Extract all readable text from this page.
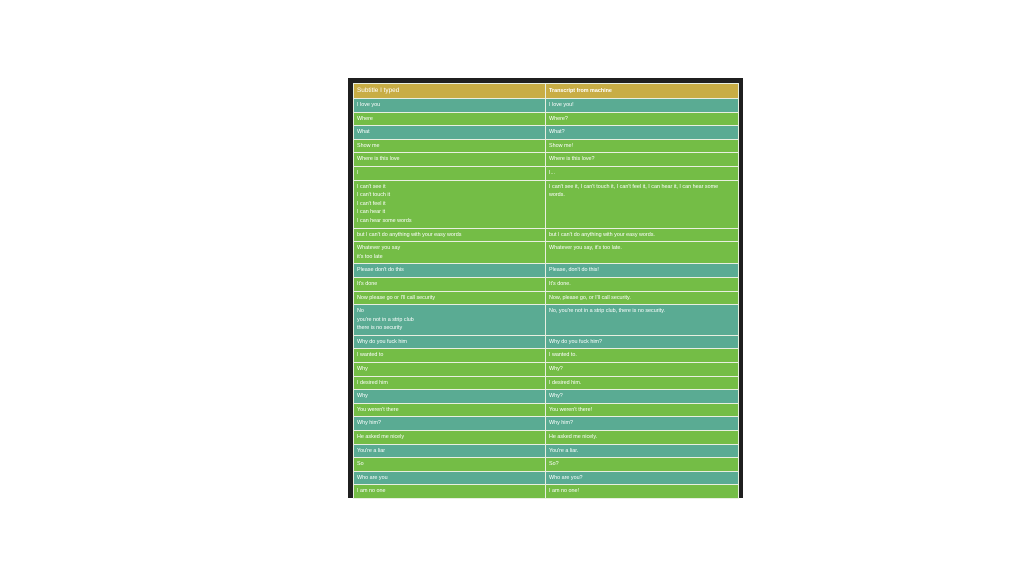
Subtitle I typed	Transcript from machine
I love you	I love you!
Where	Where?
What	What?
Show me	Show me!
Where is this love	Where is this love?
I	I...
I can't see it
I can't touch it
I can't feel it
I can hear it
I can hear some words	I can't see it, I can't touch it, I can't feel it, I can hear it, I can hear some words.
but I can't do anything with your easy words	but I can't do anything with your easy words.
Whatever you say
it's too late	Whatever you say, it's too late.
Please don't do this	Please, don't do this!
It's done	It's done.
Now please go or I'll call security	Now, please go, or I'll call security.
No
you're not in a strip club
there is no security	No, you're not in a strip club, there is no security.
Why do you fuck him	Why do you fuck him?
I wanted to	I wanted to.
Why	Why?
I desired him	I desired him.
Why	Why?
You weren't there	You weren't there!
Why him?	Why him?
He asked me nicely	He asked me nicely.
You're a liar	You're a liar.
So	So?
Who are you	Who are you?
I am no one	I am no one!
